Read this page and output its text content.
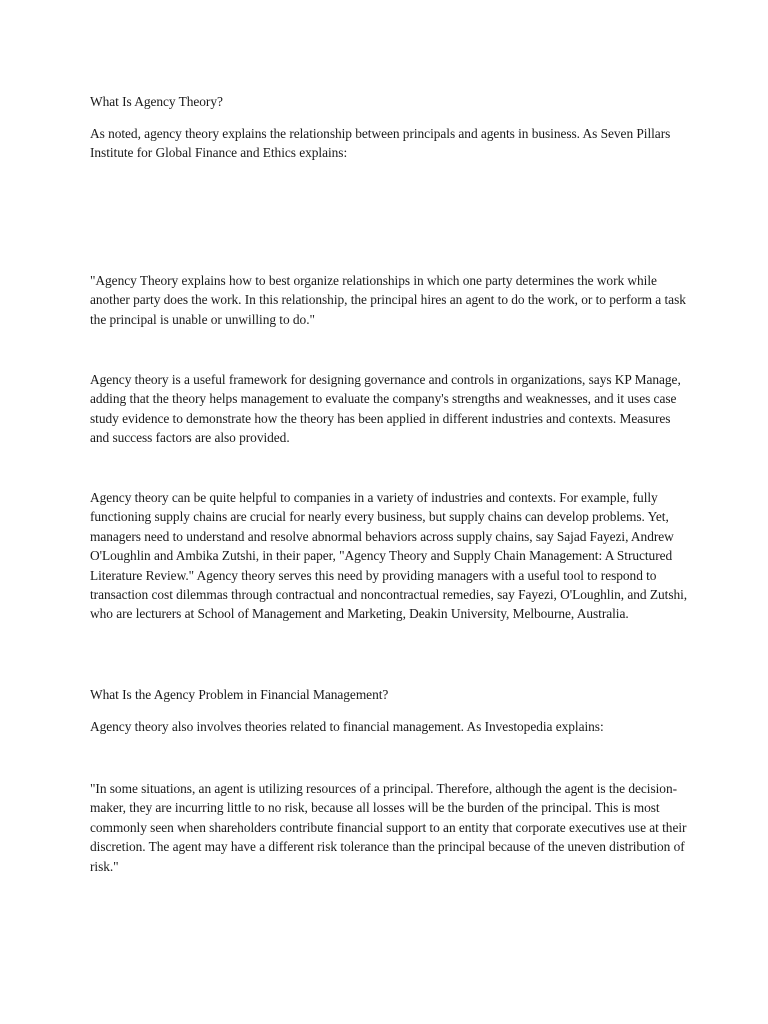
What Is Agency Theory?

As noted, agency theory explains the relationship between principals and agents in business. As Seven Pillars Institute for Global Finance and Ethics explains:

"Agency Theory explains how to best organize relationships in which one party determines the work while another party does the work. In this relationship, the principal hires an agent to do the work, or to perform a task the principal is unable or unwilling to do."

Agency theory is a useful framework for designing governance and controls in organizations, says KP Manage, adding that the theory helps management to evaluate the company's strengths and weaknesses, and it uses case study evidence to demonstrate how the theory has been applied in different industries and contexts. Measures and success factors are also provided.

Agency theory can be quite helpful to companies in a variety of industries and contexts. For example, fully functioning supply chains are crucial for nearly every business, but supply chains can develop problems. Yet, managers need to understand and resolve abnormal behaviors across supply chains, say Sajad Fayezi, Andrew O'Loughlin and Ambika Zutshi, in their paper, "Agency Theory and Supply Chain Management: A Structured Literature Review." Agency theory serves this need by providing managers with a useful tool to respond to transaction cost dilemmas through contractual and noncontractual remedies, say Fayezi, O'Loughlin, and Zutshi, who are lecturers at School of Management and Marketing, Deakin University, Melbourne, Australia.

What Is the Agency Problem in Financial Management?

Agency theory also involves theories related to financial management. As Investopedia explains:

"In some situations, an agent is utilizing resources of a principal. Therefore, although the agent is the decision-maker, they are incurring little to no risk, because all losses will be the burden of the principal. This is most commonly seen when shareholders contribute financial support to an entity that corporate executives use at their discretion. The agent may have a different risk tolerance than the principal because of the uneven distribution of risk."
